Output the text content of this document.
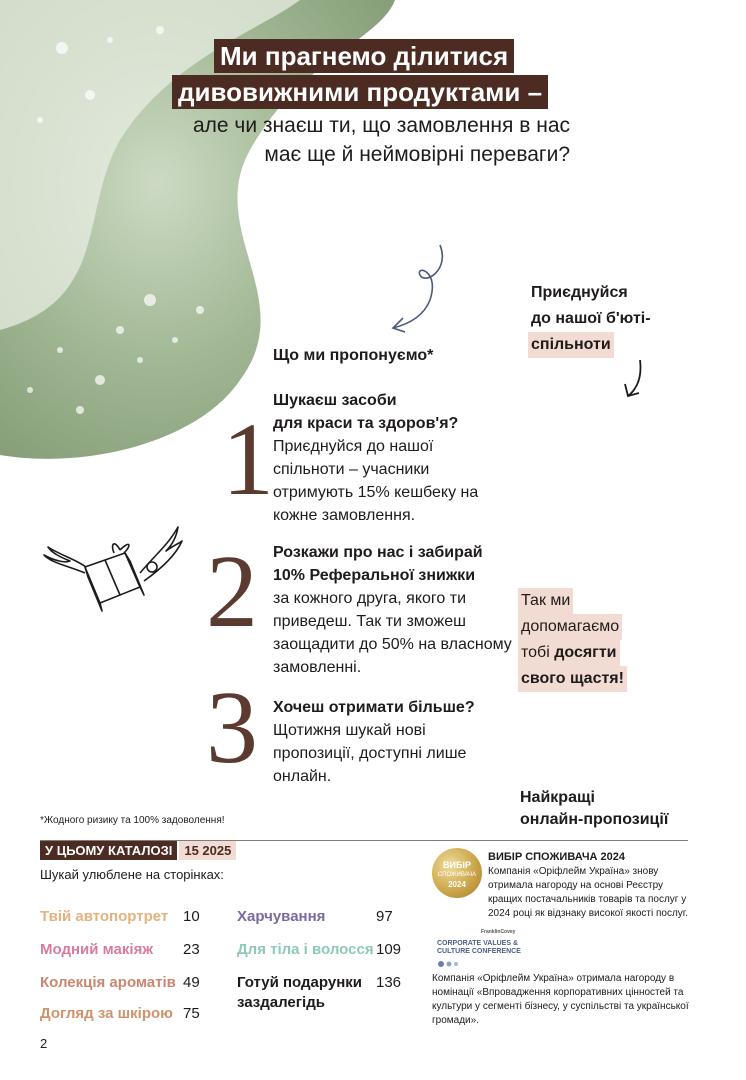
Ми прагнемо ділитися
дивовижними продуктами –
але чи знаєш ти, що замовлення в нас
має ще й неймовірні переваги?
Приєднуйся
до нашої б'юті-
спільноти
Що ми пропонуємо*
1
2
3
Шукаєш засоби
для краси та здоров'я?
Приєднуйся до нашої спільноти – учасники отримують 15% кешбеку на кожне замовлення.
Розкажи про нас і забирай
10% Реферальної знижки
за кожного друга, якого ти приведеш. Так ти зможеш заощадити до 50% на власному замовленні.
Хочеш отримати більше?
Щотижня шукай нові пропозиції, доступні лише онлайн.
Так ми
допомагаємо
тобі досягти
свого щастя!
Найкращі
онлайн-пропозиції
*Жодного ризику та 100% задоволення!
У ЦЬОМУ КАТАЛОЗІ 15 2025
Шукай улюблене на сторінках:
Твій автопортрет 10
Модний макіяж 23
Колекція ароматів 49
Догляд за шкірою 75
Харчування	97
Для тіла і волосся 109
Готуй подарунки
заздалегідь
136
ВИБІР
СПОЖИВАЧА
2024
ВИБІР СПОЖИВАЧА 2024
Компанія «Оріфлейм Україна» знову отримала нагороду на основі Реєстру кращих постачальників товарів та послуг у 2024 році як відзнаку високої якості послуг.
FranklinCovey
CORPORATE VALUES &
CULTURE CONFERENCE
Компанія «Оріфлейм Україна» отримала нагороду в номінації «Впровадження корпоративних цінностей та культури у сегменті бізнесу, у суспільстві та української громади».
2
